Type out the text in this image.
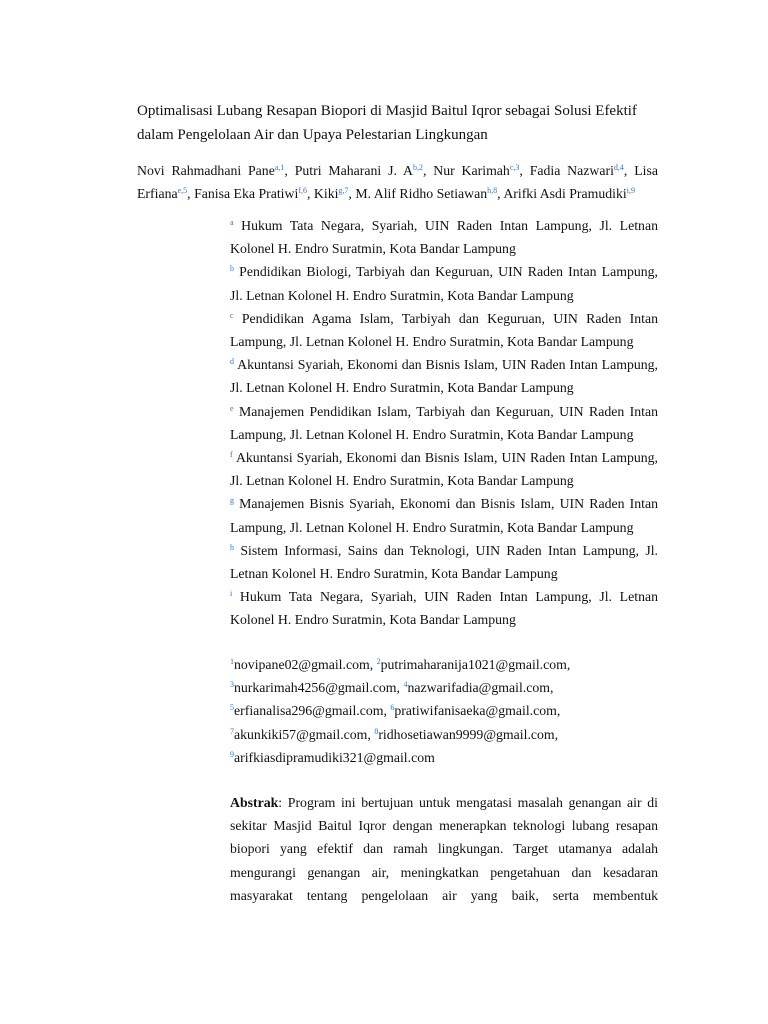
Optimalisasi Lubang Resapan Biopori di Masjid Baitul Iqror sebagai Solusi Efektif dalam Pengelolaan Air dan Upaya Pelestarian Lingkungan

Novi Rahmadhani Pane$^{a,1}$, Putri Maharani J. A$^{b,2}$, Nur Karimah$^{c,3}$, Fadia Nazwari$^{d,4}$, Lisa Erfiana$^{e,5}$, Fanisa Eka Pratiwi$^{f,6}$, Kiki$^{g,7}$, M. Alif Ridho Setiawan$^{h,8}$, Arifki Asdi Pramudiki$^{i,9}$

$^a$ Hukum Tata Negara, Syariah, UIN Raden Intan Lampung, Jl. Letnan Kolonel H. Endro Suratmin, Kota Bandar Lampung

$^b$ Pendidikan Biologi, Tarbiyah dan Keguruan, UIN Raden Intan Lampung, Jl. Letnan Kolonel H. Endro Suratmin, Kota Bandar Lampung

$^c$ Pendidikan Agama Islam, Tarbiyah dan Keguruan, UIN Raden Intan Lampung, Jl. Letnan Kolonel H. Endro Suratmin, Kota Bandar Lampung

$^d$ Akuntansi Syariah, Ekonomi dan Bisnis Islam, UIN Raden Intan Lampung, Jl. Letnan Kolonel H. Endro Suratmin, Kota Bandar Lampung

$^e$ Manajemen Pendidikan Islam, Tarbiyah dan Keguruan, UIN Raden Intan Lampung, Jl. Letnan Kolonel H. Endro Suratmin, Kota Bandar Lampung

$^f$ Akuntansi Syariah, Ekonomi dan Bisnis Islam, UIN Raden Intan Lampung, Jl. Letnan Kolonel H. Endro Suratmin, Kota Bandar Lampung

$^g$ Manajemen Bisnis Syariah, Ekonomi dan Bisnis Islam, UIN Raden Intan Lampung, Jl. Letnan Kolonel H. Endro Suratmin, Kota Bandar Lampung

$^h$ Sistem Informasi, Sains dan Teknologi, UIN Raden Intan Lampung, Jl. Letnan Kolonel H. Endro Suratmin, Kota Bandar Lampung

$^i$ Hukum Tata Negara, Syariah, UIN Raden Intan Lampung, Jl. Letnan Kolonel H. Endro Suratmin, Kota Bandar Lampung

$^1$novipane02@gmail.com, $^2$putrimaharanija1021@gmail.com,

$^3$nurkarimah4256@gmail.com, $^4$nazwarifadia@gmail.com,

$^5$erfianalisa296@gmail.com, $^6$pratiwifanisaeka@gmail.com,

$^7$akunkiki57@gmail.com, $^8$ridhosetiawan9999@gmail.com,

$^9$arifkiasdipramudiki321@gmail.com

Abstrak: Program ini bertujuan untuk mengatasi masalah genangan air di sekitar Masjid Baitul Iqror dengan menerapkan teknologi lubang resapan biopori yang efektif dan ramah lingkungan. Target utamanya adalah mengurangi genangan air, meningkatkan pengetahuan dan kesadaran masyarakat tentang pengelolaan air yang baik, serta membentuk
